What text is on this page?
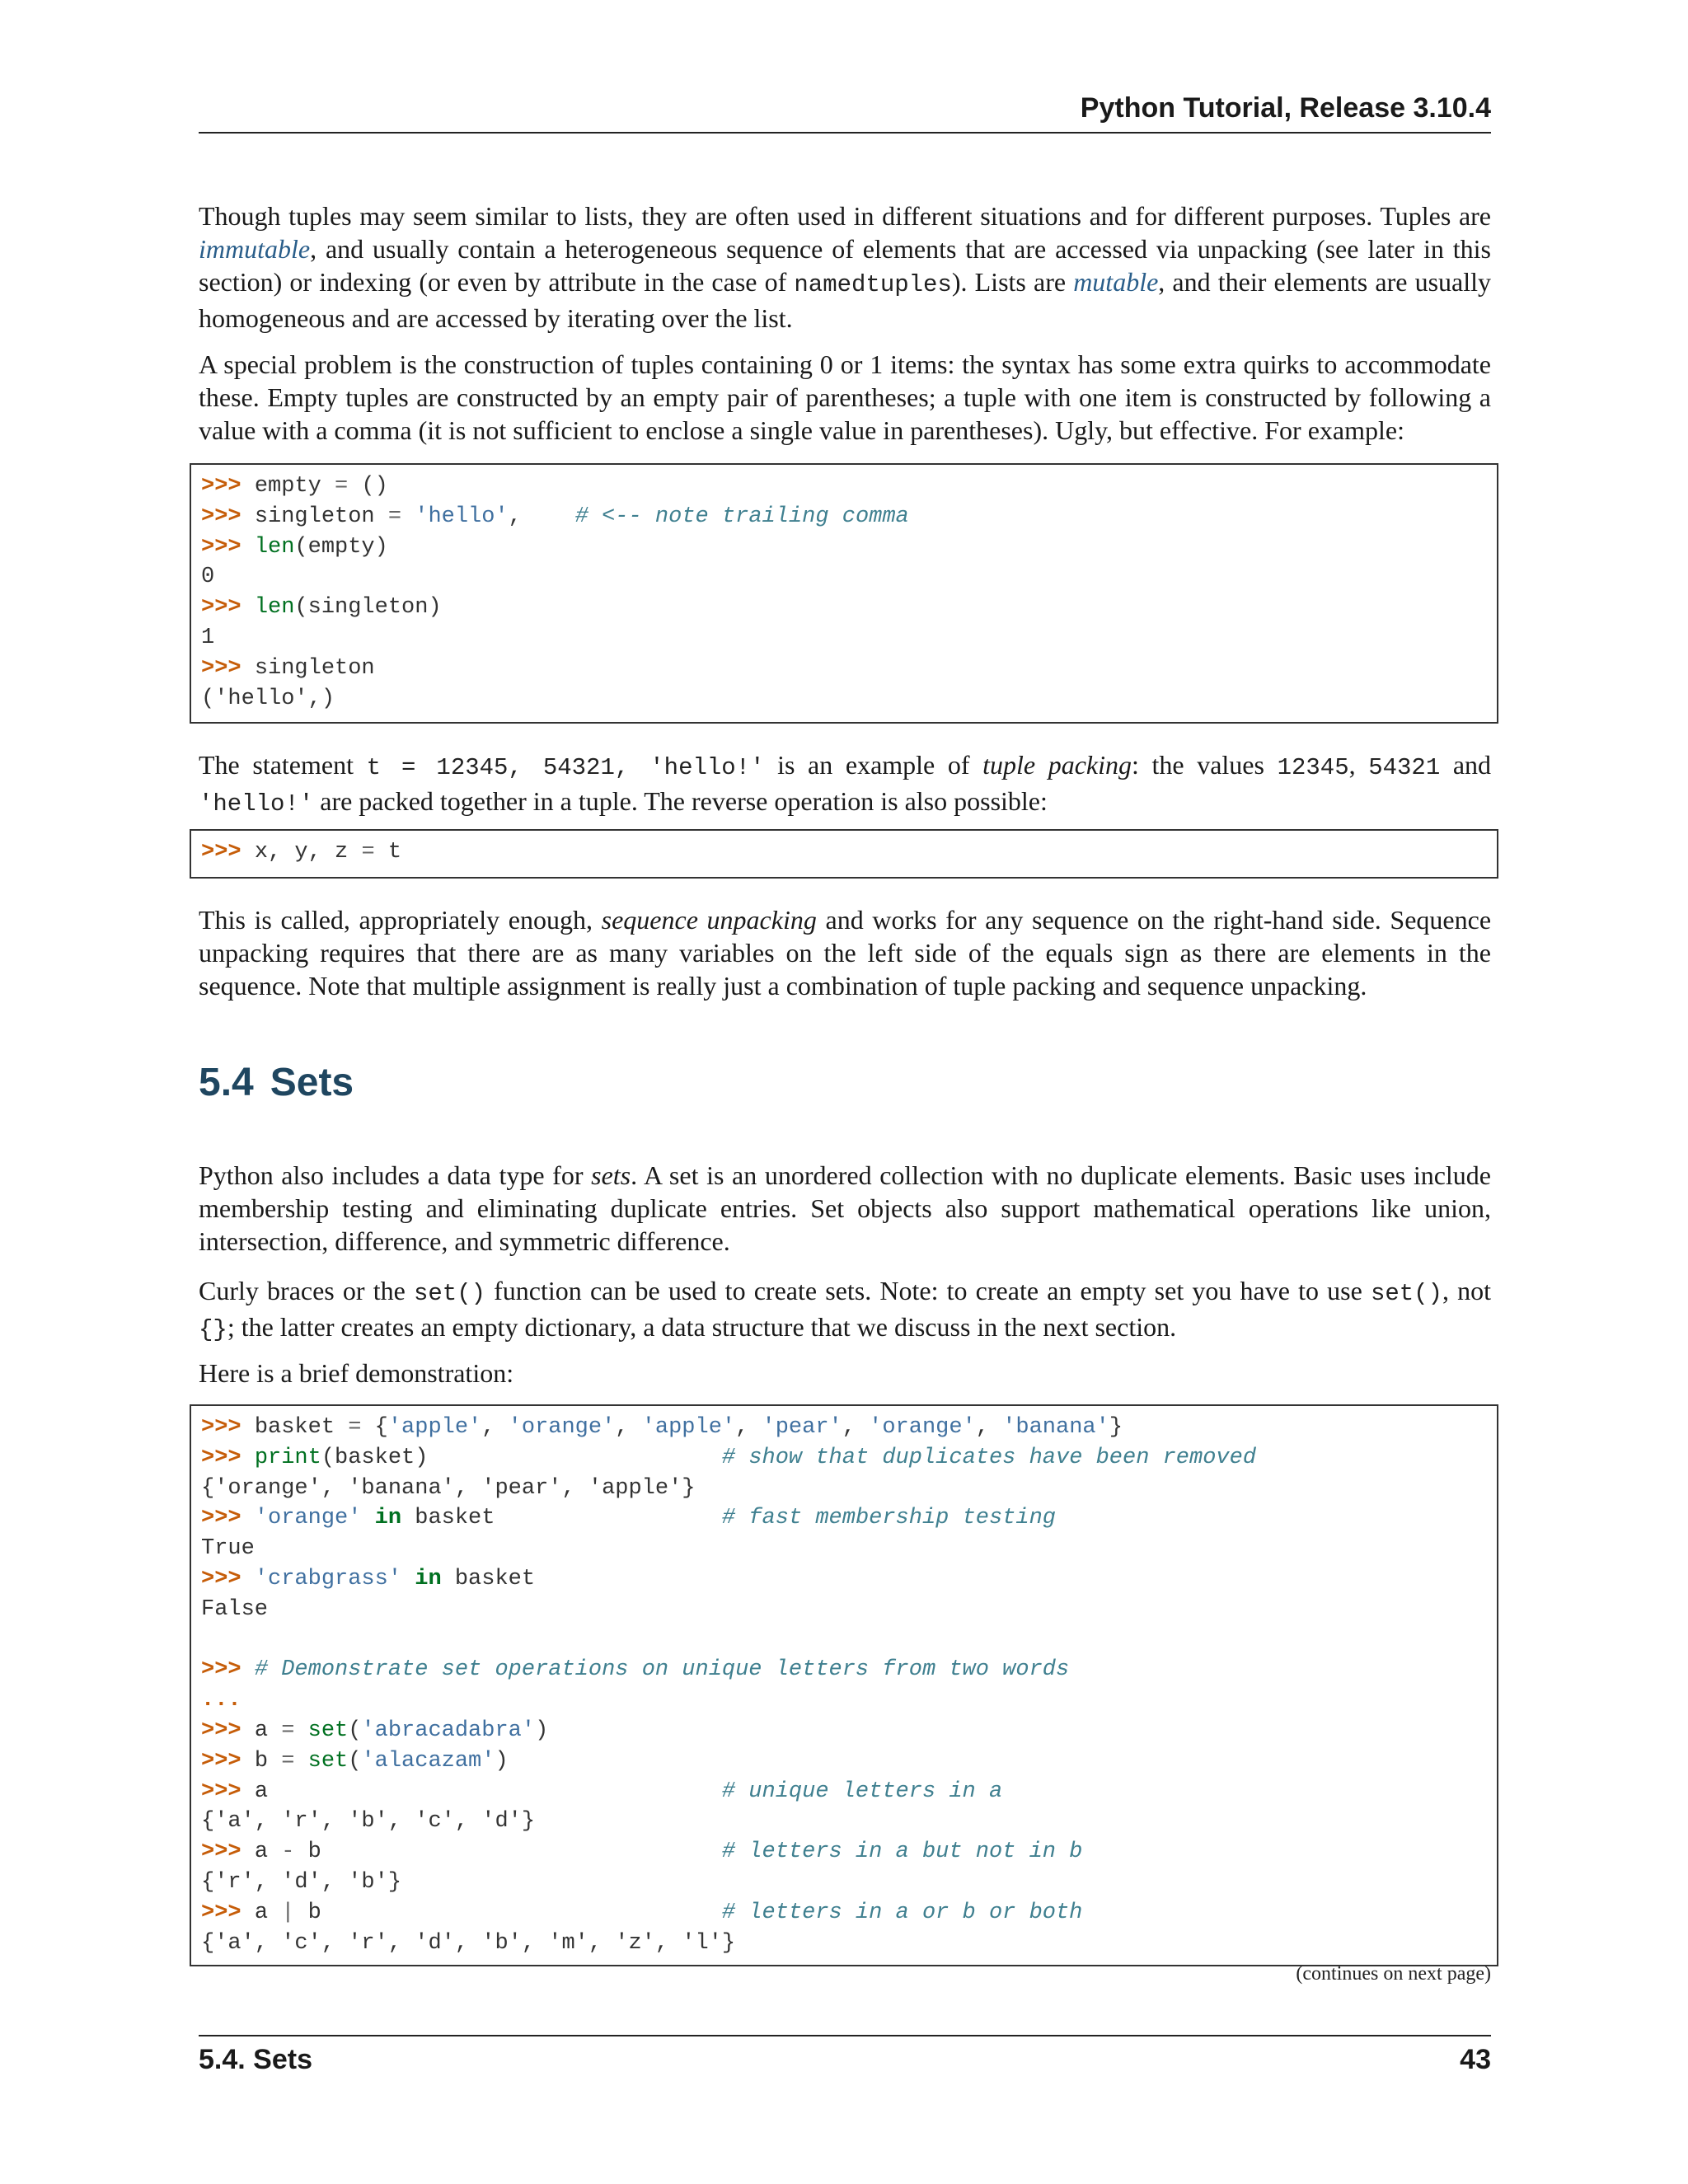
Python Tutorial, Release 3.10.4

Though tuples may seem similar to lists, they are often used in different situations and for different purposes. Tuples are immutable, and usually contain a heterogeneous sequence of elements that are accessed via unpacking (see later in this section) or indexing (or even by attribute in the case of namedtuples). Lists are mutable, and their elements are usually homogeneous and are accessed by iterating over the list.

A special problem is the construction of tuples containing 0 or 1 items: the syntax has some extra quirks to accommodate these. Empty tuples are constructed by an empty pair of parentheses; a tuple with one item is constructed by following a value with a comma (it is not sufficient to enclose a single value in parentheses). Ugly, but effective. For example:

>>> empty = ()
>>> singleton = 'hello',    # <-- note trailing comma
>>> len(empty)
0
>>> len(singleton)
1
>>> singleton
('hello',)

The statement t = 12345, 54321, 'hello!' is an example of tuple packing: the values 12345, 54321 and 'hello!' are packed together in a tuple. The reverse operation is also possible:

>>> x, y, z = t

This is called, appropriately enough, sequence unpacking and works for any sequence on the right-hand side. Sequence unpacking requires that there are as many variables on the left side of the equals sign as there are elements in the sequence. Note that multiple assignment is really just a combination of tuple packing and sequence unpacking.

5.4 Sets

Python also includes a data type for sets. A set is an unordered collection with no duplicate elements. Basic uses include membership testing and eliminating duplicate entries. Set objects also support mathematical operations like union, intersection, difference, and symmetric difference.

Curly braces or the set() function can be used to create sets. Note: to create an empty set you have to use set(), not {}; the latter creates an empty dictionary, a data structure that we discuss in the next section.

Here is a brief demonstration:

>>> basket = {'apple', 'orange', 'apple', 'pear', 'orange', 'banana'}
>>> print(basket)                      # show that duplicates have been removed
{'orange', 'banana', 'pear', 'apple'}
>>> 'orange' in basket                 # fast membership testing
True
>>> 'crabgrass' in basket
False
>>> # Demonstrate set operations on unique letters from two words
...
>>> a = set('abracadabra')
>>> b = set('alacazam')
>>> a                                  # unique letters in a
{'a', 'r', 'b', 'c', 'd'}
>>> a - b                              # letters in a but not in b
{'r', 'd', 'b'}
>>> a | b                              # letters in a or b or both
{'a', 'c', 'r', 'd', 'b', 'm', 'z', 'l'}
(continues on next page)
5.4. Sets	43
